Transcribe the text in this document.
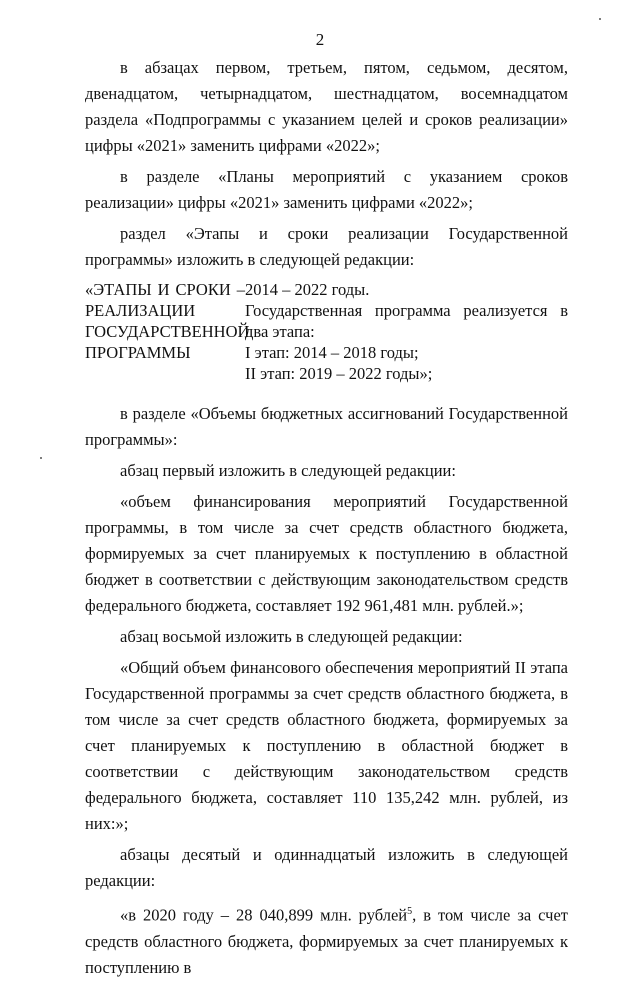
2

в абзацах первом, третьем, пятом, седьмом, десятом, двенадцатом, четырнадцатом, шестнадцатом, восемнадцатом раздела «Подпрограммы с указанием целей и сроков реализации» цифры «2021» заменить цифрами «2022»;

в разделе «Планы мероприятий с указанием сроков реализации» цифры «2021» заменить цифрами «2022»;

раздел «Этапы и сроки реализации Государственной программы» изложить в следующей редакции:

«ЭТАПЫ И СРОКИ –
РЕАЛИЗАЦИИ
ГОСУДАРСТВЕННОЙ
ПРОГРАММЫ
2014 – 2022 годы.

Государственная программа реализуется в два этапа:

I этап: 2014 – 2018 годы;
II этап: 2019 – 2022 годы»;

в разделе «Объемы бюджетных ассигнований Государственной программы»:

абзац первый изложить в следующей редакции:

«объем финансирования мероприятий Государственной программы, в том числе за счет средств областного бюджета, формируемых за счет планируемых к поступлению в областной бюджет в соответствии с действующим законодательством средств федерального бюджета, составляет 192 961,481 млн. рублей.»;

абзац восьмой изложить в следующей редакции:

«Общий объем финансового обеспечения мероприятий II этапа Государственной программы за счет средств областного бюджета, в том числе за счет средств областного бюджета, формируемых за счет планируемых к поступлению в областной бюджет в соответствии с действующим законодательством средств федерального бюджета, составляет 110 135,242 млн. рублей, из них:»;

абзацы десятый и одиннадцатый изложить в следующей редакции:

«в 2020 году – 28 040,899 млн. рублей$^5$, в том числе за счет средств областного бюджета, формируемых за счет планируемых к поступлению в
